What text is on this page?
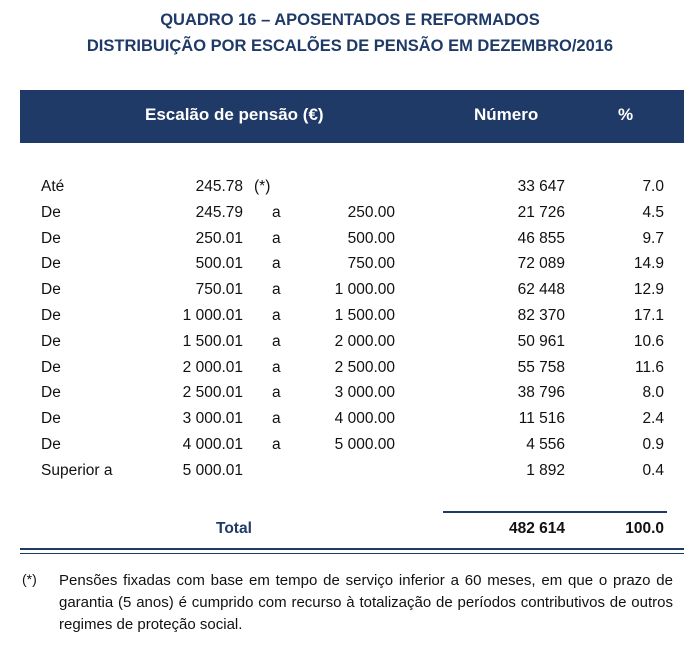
QUADRO 16 – APOSENTADOS E REFORMADOS
DISTRIBUIÇÃO POR ESCALÕES DE PENSÃO EM DEZEMBRO/2016
Escalão de pensão (€)	Número	%
Até	245.78 (*)	33 647	7.0
De	245.79 a	250.00	21 726	4.5
De	250.01 a	500.00	46 855	9.7
De	500.01 a	750.00	72 089	14.9
De	750.01 a	1 000.00	62 448	12.9
De	1 000.01 a	1 500.00	82 370	17.1
De	1 500.01 a	2 000.00	50 961	10.6
De	2 000.01 a	2 500.00	55 758	11.6
De	2 500.01 a	3 000.00	38 796	8.0
De	3 000.01 a	4 000.00	11 516	2.4
De	4 000.01 a	5 000.00	4 556	0.9
Superior a	5 000.01	1 892	0.4
Total	482 614	100.0
(*) Pensões fixadas com base em tempo de serviço inferior a 60 meses, em que o prazo de garantia (5 anos) é cumprido com recurso à totalização de períodos contributivos de outros regimes de proteção social.
